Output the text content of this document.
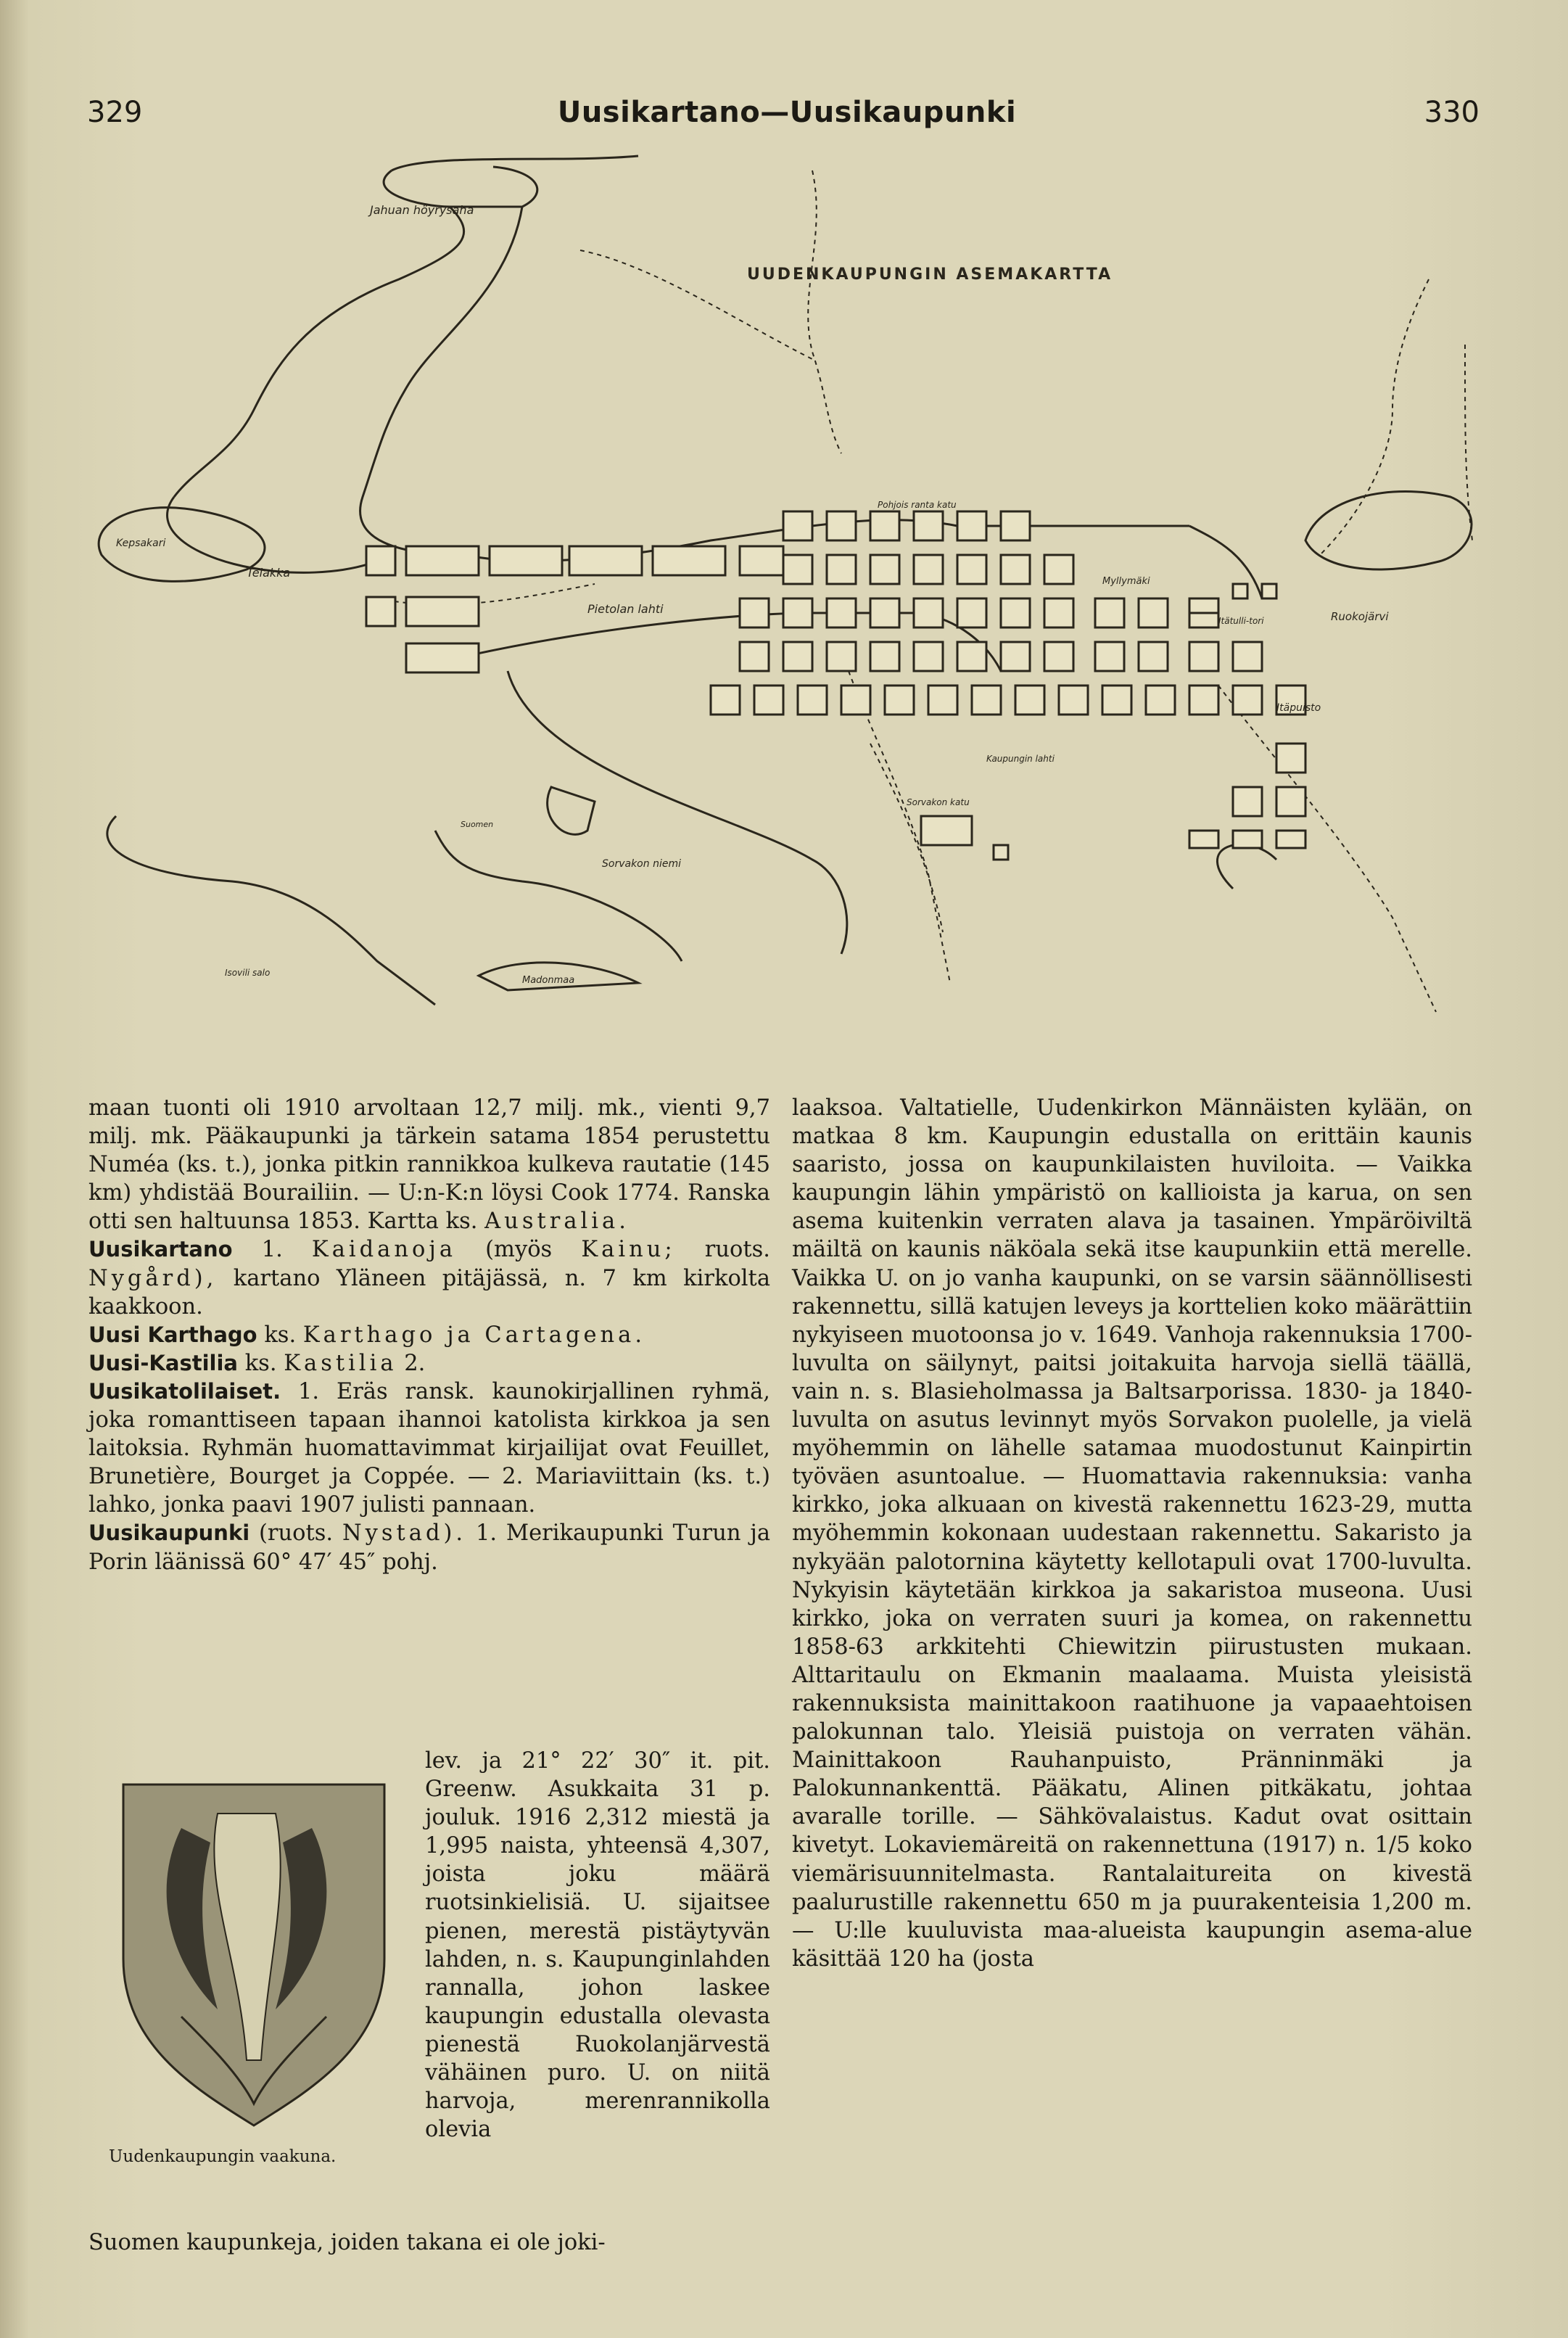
329	Uusikartano—Uusikaupunki	330
UUDENKAUPUNGIN ASEMAKARTTA
Jahuan höyrysaha
Telakka
Kepsakari
Pietolan lahti
Myllymäki
Itätulli-tori	Ruokojärvi
Itäpuisto
Kaupungin lahti
Sorvakon katu
Sorvakon niemi
Isovili salo
Madonmaa
Pohjois ranta katu
Suomen

maan tuonti oli 1910 arvoltaan 12,7 milj. mk., vienti 9,7 milj. mk. Pääkaupunki ja tärkein satama 1854 perustettu Numéa (ks. t.), jonka pitkin rannikkoa kulkeva rautatie (145 km) yhdistää Bourailiin. — U:n-K:n löysi Cook 1774. Ranska otti sen haltuunsa 1853. Kartta ks. Australia.

Uusikartano 1. Kaidanoja (myös Kainu; ruots. Nygård), kartano Yläneen pitäjässä, n. 7 km kirkolta kaakkoon.

Uusi Karthago ks. Karthago ja Cartagena.

Uusi-Kastilia ks. Kastilia 2.

Uusikatolilaiset. 1. Eräs ransk. kaunokirjallinen ryhmä, joka romanttiseen tapaan ihannoi katolista kirkkoa ja sen laitoksia. Ryhmän huomattavimmat kirjailijat ovat Feuillet, Brunetière, Bourget ja Coppée. — 2. Mariaviittain (ks. t.) lahko, jonka paavi 1907 julisti pannaan.

Uusikaupunki (ruots. Nystad). 1. Merikaupunki Turun ja Porin läänissä 60° 47′ 45″ pohj.

Uudenkaupungin vaakuna.
lev. ja 21° 22′ 30″ it. pit. Greenw. Asukkaita 31 p. jouluk. 1916 2,312 miestä ja 1,995 naista, yhteensä 4,307, joista joku määrä ruotsinkielisiä. U. sijaitsee pienen, merestä pistäytyvän lahden, n. s. Kaupunginlahden rannalla, johon laskee kaupungin edustalla olevasta pienestä Ruokolanjärvestä vähäinen puro. U. on niitä harvoja, merenrannikolla olevia
Suomen kaupunkeja, joiden takana ei ole joki-

laaksoa. Valtatielle, Uudenkirkon Männäisten kylään, on matkaa 8 km. Kaupungin edustalla on erittäin kaunis saaristo, jossa on kaupunkilaisten huviloita. — Vaikka kaupungin lähin ympäristö on kallioista ja karua, on sen asema kuitenkin verraten alava ja tasainen. Ympäröiviltä mäiltä on kaunis näköala sekä itse kaupunkiin että merelle. Vaikka U. on jo vanha kaupunki, on se varsin säännöllisesti rakennettu, sillä katujen leveys ja korttelien koko määrättiin nykyiseen muotoonsa jo v. 1649. Vanhoja rakennuksia 1700-luvulta on säilynyt, paitsi joitakuita harvoja siellä täällä, vain n. s. Blasieholmassa ja Baltsarporissa. 1830- ja 1840-luvulta on asutus levinnyt myös Sorvakon puolelle, ja vielä myöhemmin on lähelle satamaa muodostunut Kainpirtin työväen asuntoalue. — Huomattavia rakennuksia: vanha kirkko, joka alkuaan on kivestä rakennettu 1623-29, mutta myöhemmin kokonaan uudestaan rakennettu. Sakaristo ja nykyään palotornina käytetty kellotapuli ovat 1700-luvulta. Nykyisin käytetään kirkkoa ja sakaristoa museona. Uusi kirkko, joka on verraten suuri ja komea, on rakennettu 1858-63 arkkitehti Chiewitzin piirustusten mukaan. Alttaritaulu on Ekmanin maalaama. Muista yleisistä rakennuksista mainittakoon raatihuone ja vapaaehtoisen palokunnan talo. Yleisiä puistoja on verraten vähän. Mainittakoon Rauhanpuisto, Pränninmäki ja Palokunnankenttä. Pääkatu, Alinen pitkäkatu, johtaa avaralle torille. — Sähkövalaistus. Kadut ovat osittain kivetyt. Lokaviemäreitä on rakennettuna (1917) n. 1/5 koko viemärisuunnitelmasta. Rantalaitureita on kivestä paalurustille rakennettu 650 m ja puurakenteisia 1,200 m. — U:lle kuuluvista maa-alueista kaupungin asema-alue käsittää 120 ha (josta
